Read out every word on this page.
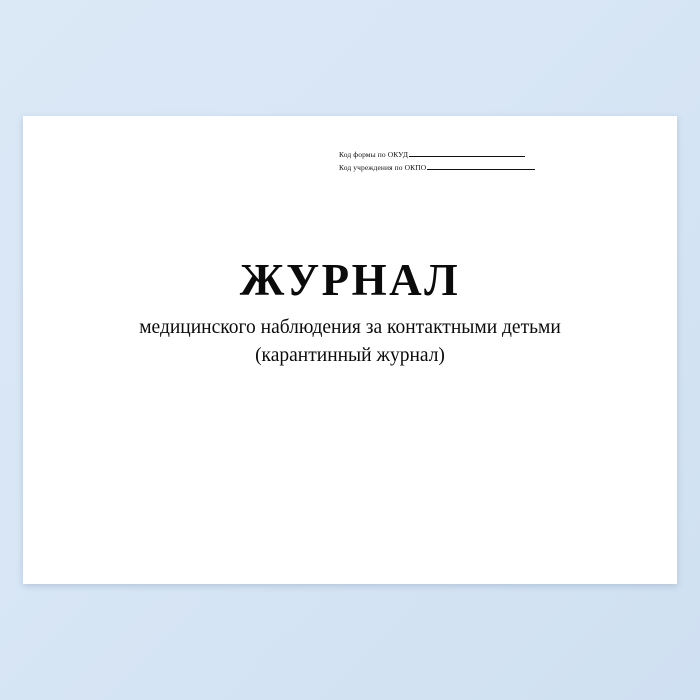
Код формы по ОКУД
Код учреждения по ОКПО
ЖУРНАЛ
медицинского наблюдения за контактными детьми
(карантинный журнал)
